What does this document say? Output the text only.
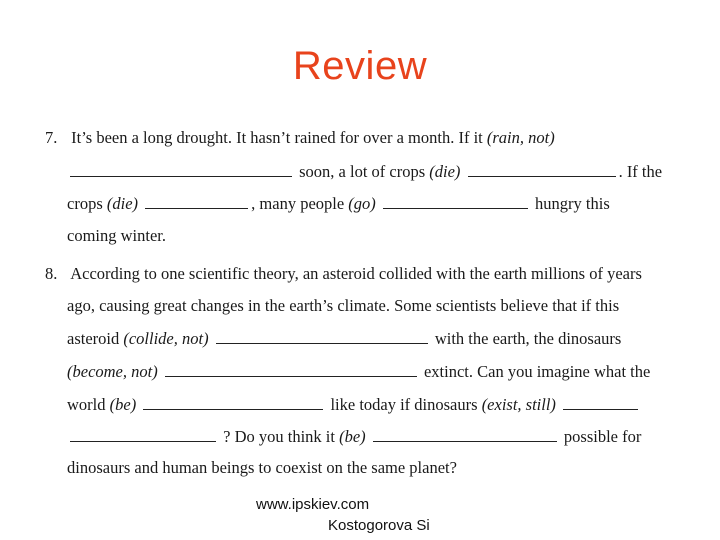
Review
7. It’s been a long drought. It hasn’t rained for over a month. If it (rain, not)
soon, a lot of crops (die)	. If the
crops (die)	, many people (go)	hungry this
coming winter.
8. According to one scientific theory, an asteroid collided with the earth millions of years
ago, causing great changes in the earth’s climate. Some scientists believe that if this
asteroid (collide, not)	with the earth, the dinosaurs
(become, not)	extinct. Can you imagine what the
world (be)	like today if dinosaurs (exist, still)
? Do you think it (be)	possible for
dinosaurs and human beings to coexist on the same planet?
www.ipskiev.com
Kostogorova Si
